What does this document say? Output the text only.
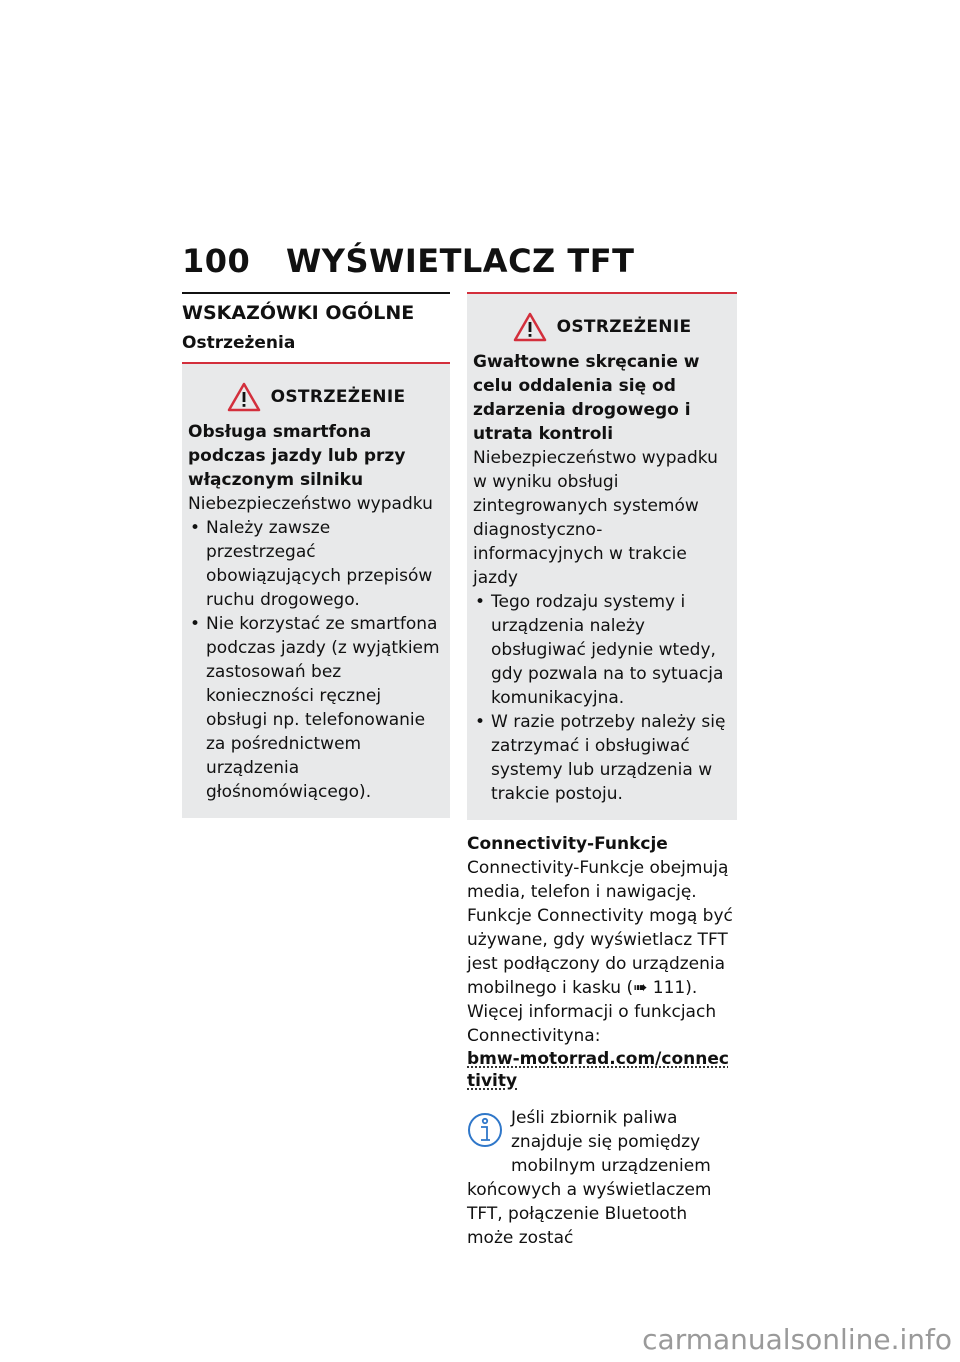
100 WYŚWIETLACZ TFT
WSKAZÓWKI OGÓLNE
Ostrzeżenia
OSTRZEŻENIE
Obsługa smartfona podczas jazdy lub przy włączonym silniku
Niebezpieczeństwo wypadku
• Należy zawsze przestrzegać obowiązujących przepisów ruchu drogowego.
• Nie korzystać ze smartfona podczas jazdy (z wyjątkiem zastosowań bez konieczności ręcznej obsługi np. telefonowanie za pośrednictwem urządzenia głośnomówiącego).
OSTRZEŻENIE
Gwałtowne skręcanie w celu oddalenia się od zdarzenia drogowego i utrata kontroli
Niebezpieczeństwo wypadku w wyniku obsługi zintegrowanych systemów diagnostyczno-informacyjnych w trakcie jazdy
• Tego rodzaju systemy i urządzenia należy obsługiwać jedynie wtedy, gdy pozwala na to sytuacja komunikacyjna.
• W razie potrzeby należy się zatrzymać i obsługiwać systemy lub urządzenia w trakcie postoju.
Connectivity-Funkcje
Connectivity-Funkcje obejmują media, telefon i nawigację. Funkcje Connectivity mogą być używane, gdy wyświetlacz TFT jest podłączony do urządzenia mobilnego i kasku (➠ 111). Więcej informacji o funkcjach Connectivityna:
bmw-motorrad.com/connectivity
Jeśli zbiornik paliwa znajduje się pomiędzy mobilnym urządzeniem końcowych a wyświetlaczem TFT, połączenie Bluetooth może zostać
carmanualsonline.info
